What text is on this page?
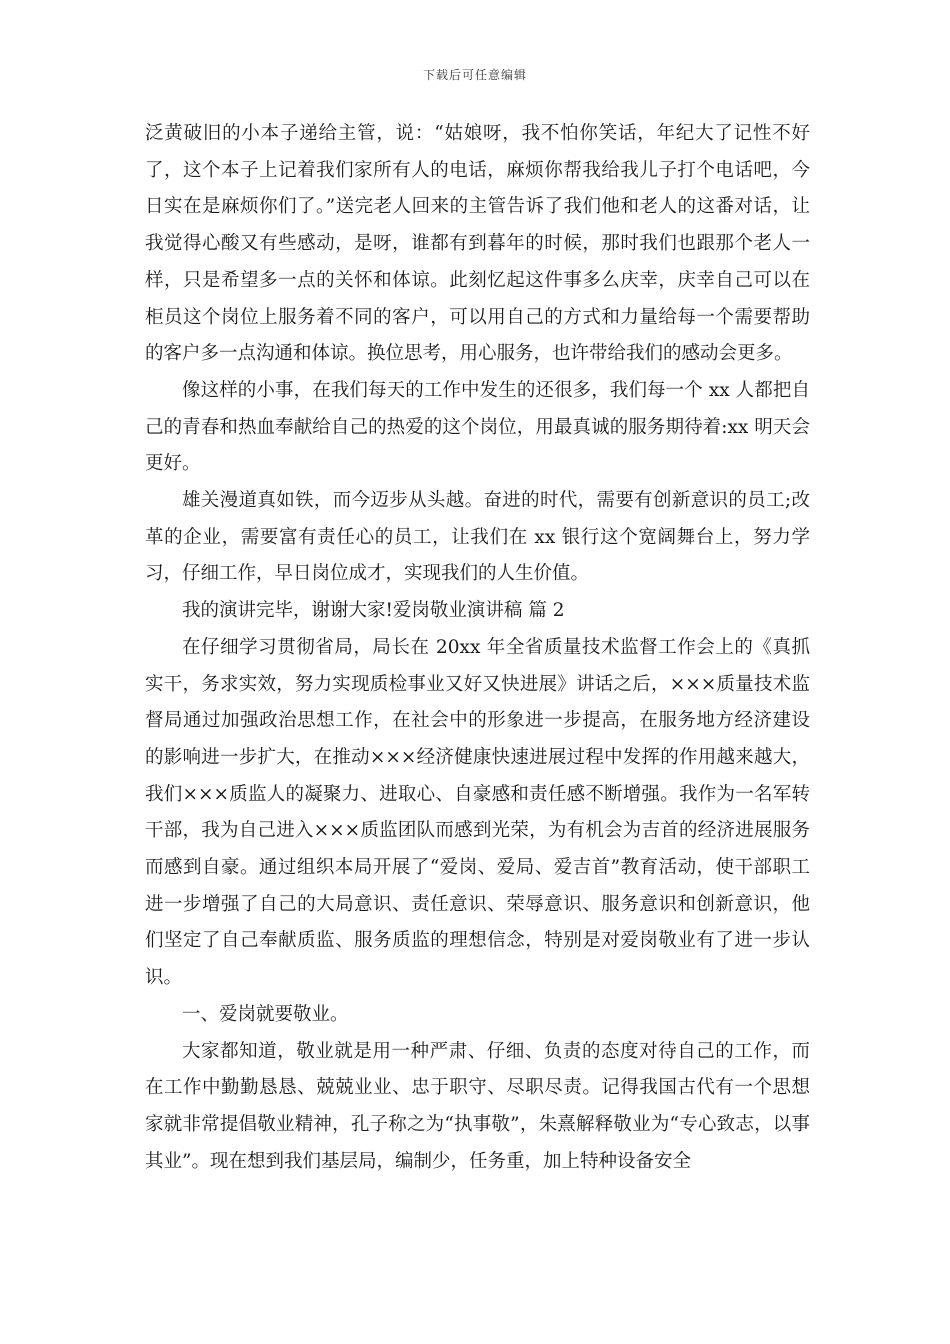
下载后可任意编辑

泛黄破旧的小本子递给主管，说：“姑娘呀，我不怕你笑话，年纪大了记性不好了，这个本子上记着我们家所有人的电话，麻烦你帮我给我儿子打个电话吧，今日实在是麻烦你们了。”送完老人回来的主管告诉了我们他和老人的这番对话，让我觉得心酸又有些感动，是呀，谁都有到暮年的时候，那时我们也跟那个老人一样，只是希望多一点的关怀和体谅。此刻忆起这件事多么庆幸，庆幸自己可以在柜员这个岗位上服务着不同的客户，可以用自己的方式和力量给每一个需要帮助的客户多一点沟通和体谅。换位思考，用心服务，也许带给我们的感动会更多。

像这样的小事，在我们每天的工作中发生的还很多，我们每一个 xx 人都把自己的青春和热血奉献给自己的热爱的这个岗位，用最真诚的服务期待着:xx 明天会更好。

雄关漫道真如铁，而今迈步从头越。奋进的时代，需要有创新意识的员工;改革的企业，需要富有责任心的员工，让我们在 xx 银行这个宽阔舞台上，努力学习，仔细工作，早日岗位成才，实现我们的人生价值。

我的演讲完毕，谢谢大家!爱岗敬业演讲稿 篇 2

在仔细学习贯彻省局，局长在 20xx 年全省质量技术监督工作会上的《真抓实干，务求实效，努力实现质检事业又好又快进展》讲话之后，×××质量技术监督局通过加强政治思想工作，在社会中的形象进一步提高，在服务地方经济建设的影响进一步扩大，在推动×××经济健康快速进展过程中发挥的作用越来越大，我们×××质监人的凝聚力、进取心、自豪感和责任感不断增强。我作为一名军转干部，我为自己进入×××质监团队而感到光荣，为有机会为吉首的经济进展服务而感到自豪。通过组织本局开展了“爱岗、爱局、爱吉首”教育活动，使干部职工进一步增强了自己的大局意识、责任意识、荣辱意识、服务意识和创新意识，他们坚定了自己奉献质监、服务质监的理想信念，特别是对爱岗敬业有了进一步认识。

一、爱岗就要敬业。

大家都知道，敬业就是用一种严肃、仔细、负责的态度对待自己的工作，而在工作中勤勤恳恳、兢兢业业、忠于职守、尽职尽责。记得我国古代有一个思想家就非常提倡敬业精神，孔子称之为“执事敬”，朱熹解释敬业为“专心致志，以事其业”。现在想到我们基层局，编制少，任务重，加上特种设备安全
